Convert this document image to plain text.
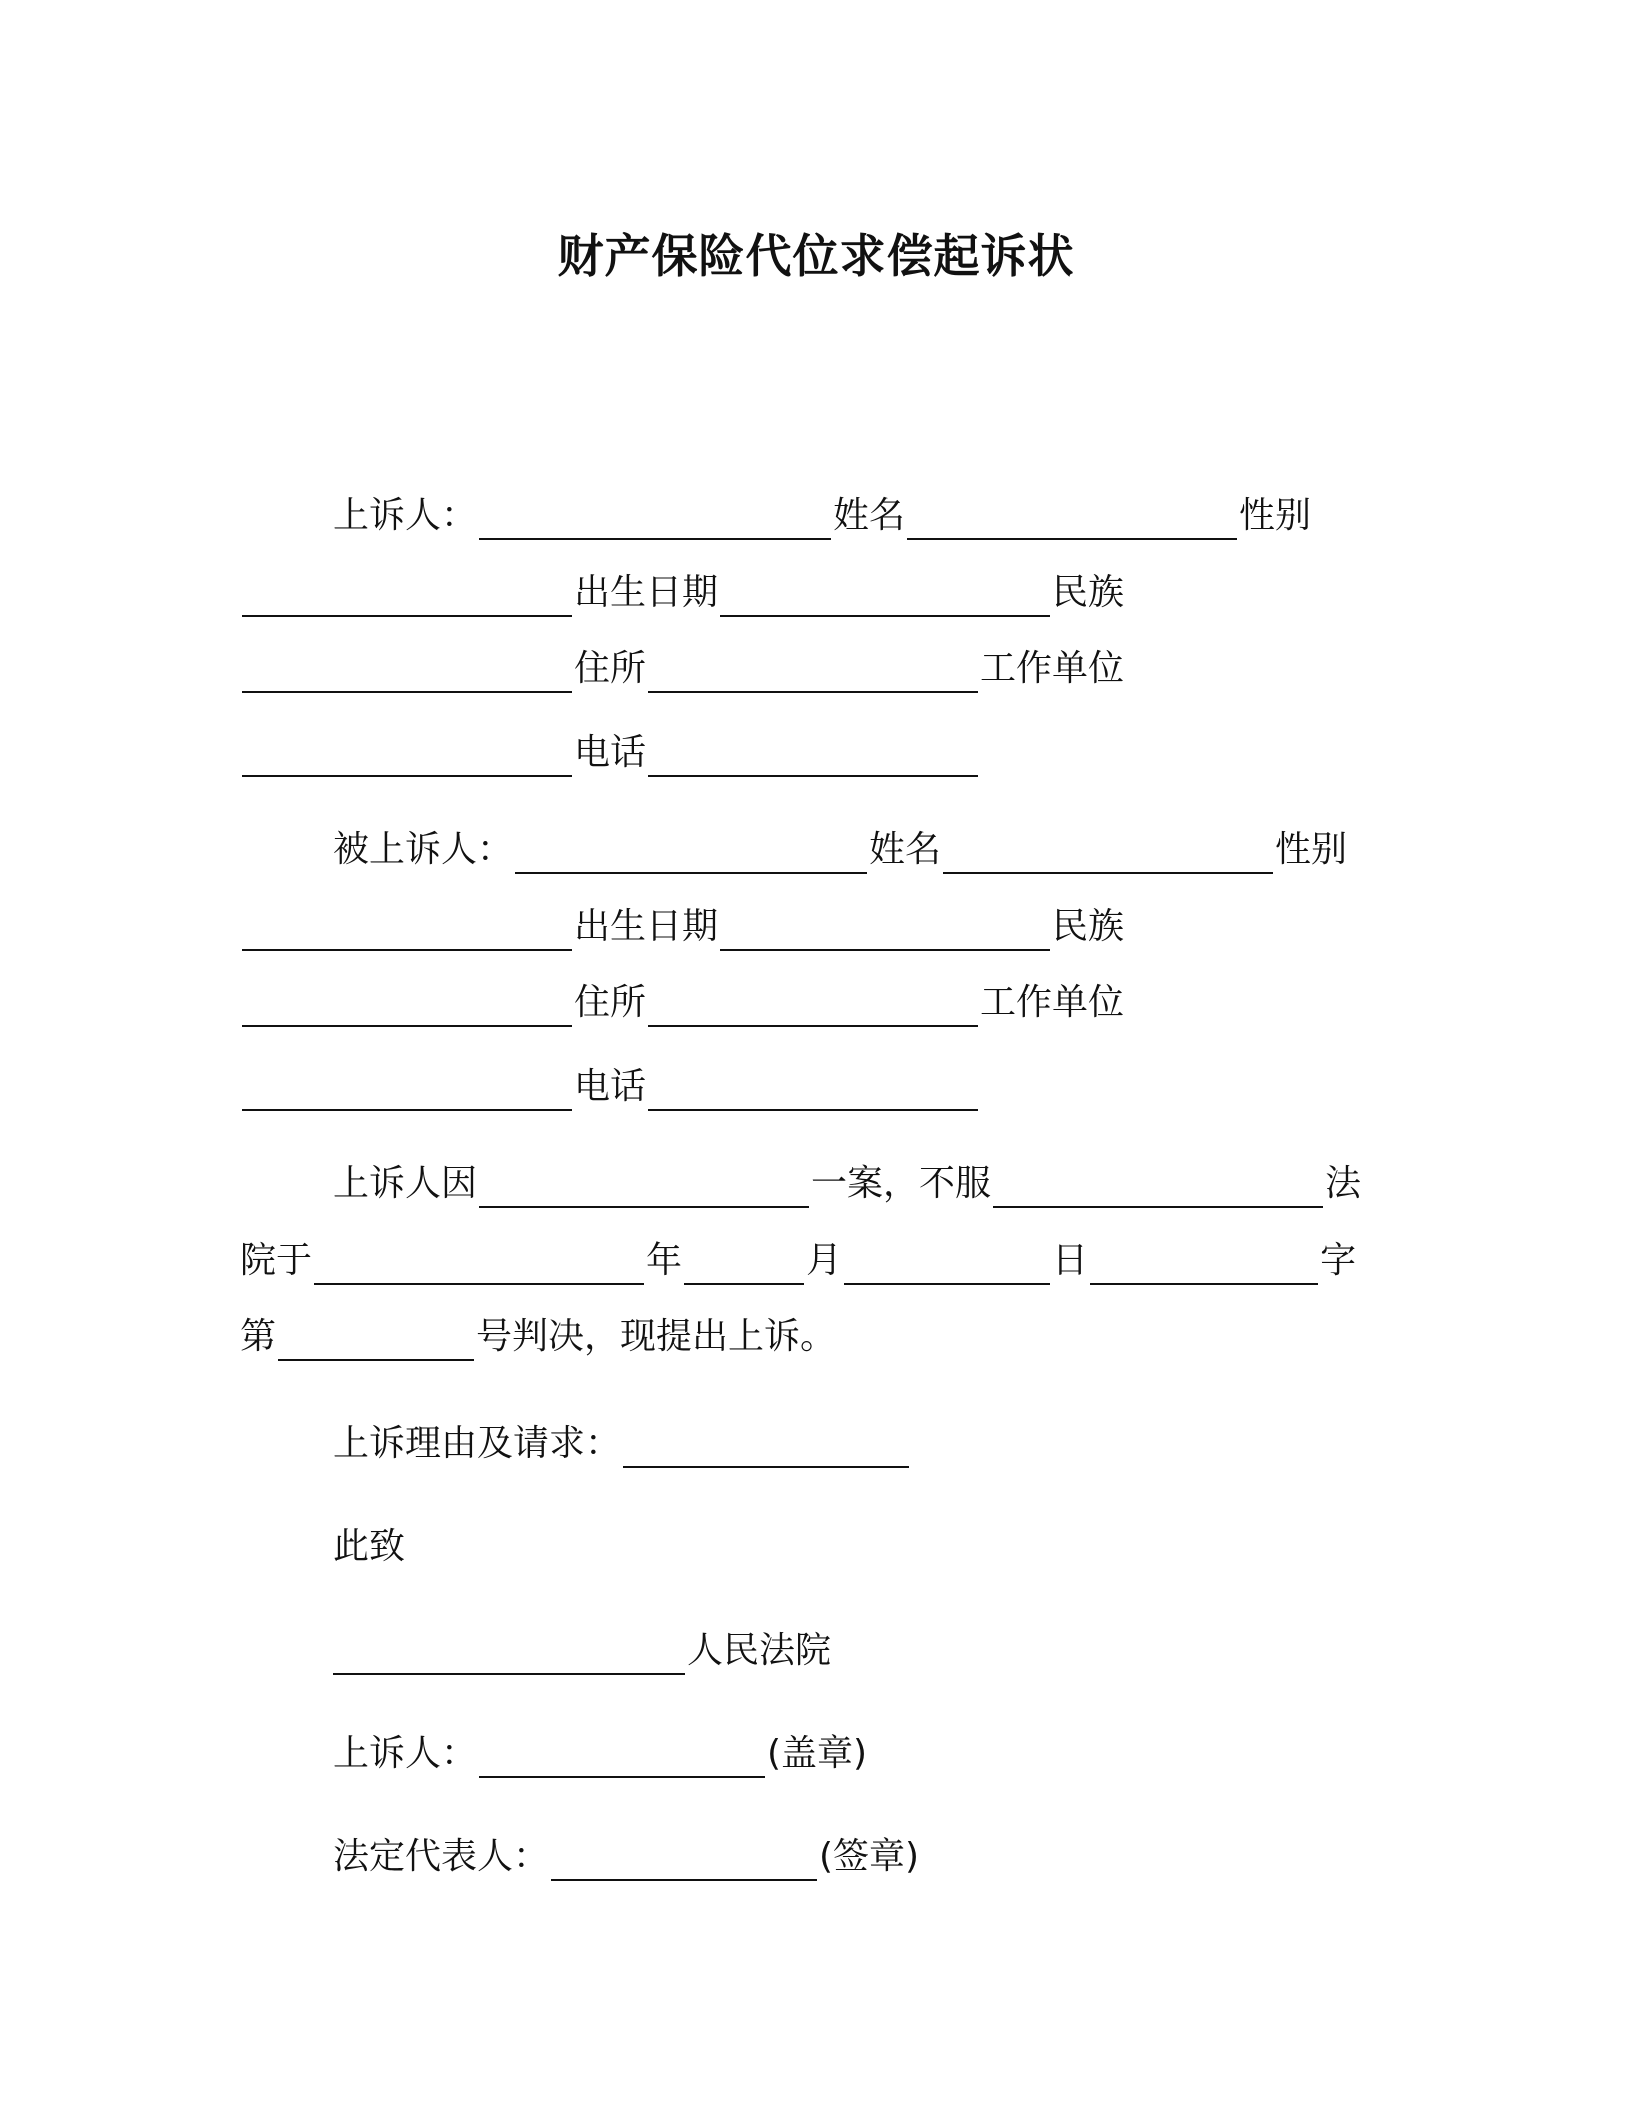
财产保险代位求偿起诉状
上诉人：	姓名	性别
出生日期	民族
住所	工作单位
电话
被上诉人：	姓名	性别
出生日期	民族
住所	工作单位
电话
上诉人因	一案，不服	法
院于	年	月	日	字
第	号判决，现提出上诉。
上诉理由及请求：
此致
人民法院
上诉人：	(盖章)
法定代表人：	(签章)
